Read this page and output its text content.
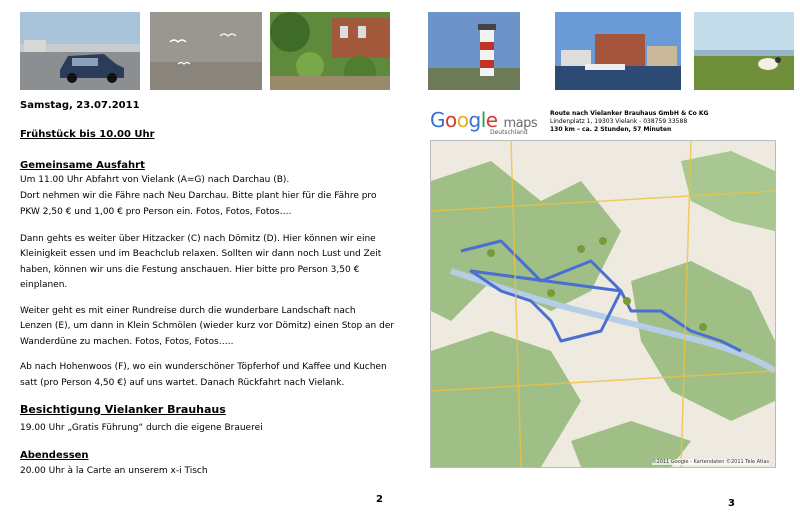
Samstag, 23.07.2011
Frühstück bis 10.00 Uhr
Gemeinsame Ausfahrt
Um 11.00 Uhr Abfahrt von Vielank (A=G) nach Darchau (B).
Dort nehmen wir die Fähre nach Neu Darchau. Bitte plant hier für die Fähre pro
PKW 2,50 € und 1,00 € pro Person ein. Fotos, Fotos, Fotos….
Dann gehts es weiter über Hitzacker (C) nach Dömitz (D). Hier können wir eine
Kleinigkeit essen und im Beachclub relaxen. Sollten wir dann noch Lust und Zeit
haben, können wir uns die Festung anschauen. Hier bitte pro Person 3,50 €
einplanen.
Weiter geht es mit einer Rundreise durch die wunderbare Landschaft nach
Lenzen (E), um dann in Klein Schmölen (wieder kurz vor Dömitz) einen Stop an der
Wanderdüne zu machen. Fotos, Fotos, Fotos…..
Ab nach Hohenwoos (F), wo ein wunderschöner Töpferhof und Kaffee und Kuchen
satt (pro Person 4,50 €) auf uns wartet. Danach Rückfahrt nach Vielank.
Besichtigung Vielanker Brauhaus
19.00 Uhr „Gratis Führung“ durch die eigene Brauerei
Abendessen
20.00 Uhr à la Carte an unserem x-i Tisch
2
Google maps
Deutschland
Route nach Vielanker Brauhaus GmbH & Co KG
Lindenplatz 1, 19303 Vielank - 038759 33588
130 km – ca. 2 Stunden, 57 Minuten
©2011 Google - Kartendaten ©2011 Tele Atlas
3
